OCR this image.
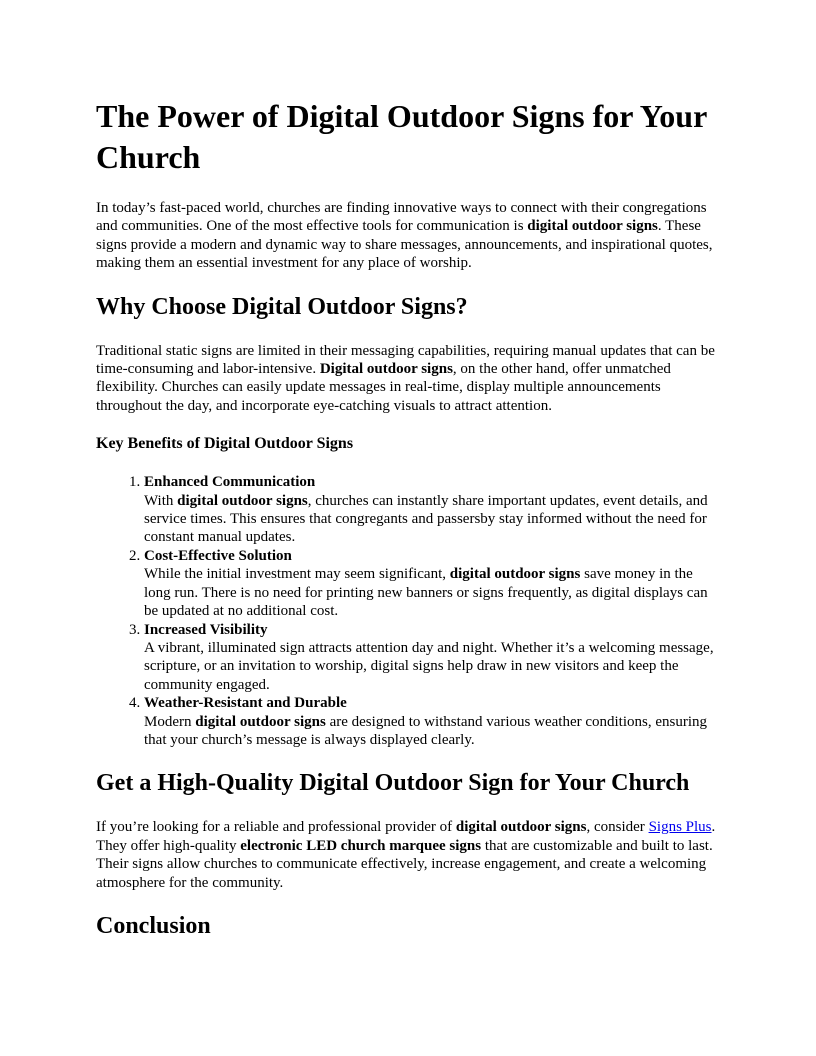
The Power of Digital Outdoor Signs for Your Church

In today’s fast-paced world, churches are finding innovative ways to connect with their congregations and communities. One of the most effective tools for communication is digital outdoor signs. These signs provide a modern and dynamic way to share messages, announcements, and inspirational quotes, making them an essential investment for any place of worship.

Why Choose Digital Outdoor Signs?

Traditional static signs are limited in their messaging capabilities, requiring manual updates that can be time-consuming and labor-intensive. Digital outdoor signs, on the other hand, offer unmatched flexibility. Churches can easily update messages in real-time, display multiple announcements throughout the day, and incorporate eye-catching visuals to attract attention.

Key Benefits of Digital Outdoor Signs
1. Enhanced Communication
With digital outdoor signs, churches can instantly share important updates, event details, and service times. This ensures that congregants and passersby stay informed without the need for constant manual updates.
2. Cost-Effective Solution
While the initial investment may seem significant, digital outdoor signs save money in the long run. There is no need for printing new banners or signs frequently, as digital displays can be updated at no additional cost.
3. Increased Visibility
A vibrant, illuminated sign attracts attention day and night. Whether it’s a welcoming message, scripture, or an invitation to worship, digital signs help draw in new visitors and keep the community engaged.
4. Weather-Resistant and Durable
Modern digital outdoor signs are designed to withstand various weather conditions, ensuring that your church’s message is always displayed clearly.
Get a High-Quality Digital Outdoor Sign for Your Church

If you’re looking for a reliable and professional provider of digital outdoor signs, consider Signs Plus. They offer high-quality electronic LED church marquee signs that are customizable and built to last. Their signs allow churches to communicate effectively, increase engagement, and create a welcoming atmosphere for the community.

Conclusion
